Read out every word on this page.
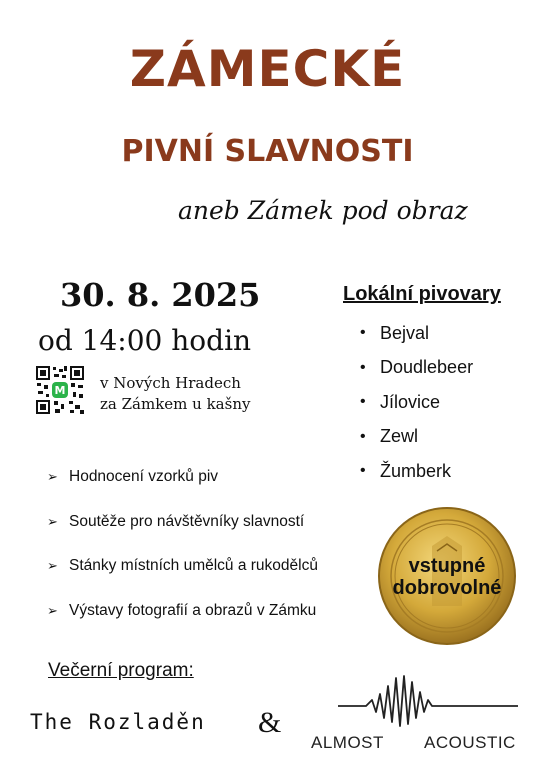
ZÁMECKÉ
PIVNÍ SLAVNOSTI
aneb Zámek pod obraz
30. 8. 2025
od 14:00 hodin
M v Nových Hradech
za Zámkem u kašny
Lokální pivovary
• Bejval
• Doudlebeer
• Jílovice
• Zewl
• Žumberk
➢ Hodnocení vzorků piv
➢ Soutěže pro návštěvníky slavností
➢ Stánky místních umělců a rukodělců
➢ Výstavy fotografií a obrazů v Zámku
vstupné
dobrovolné
Večerní program:
The Rozladěn &
ALMOST ACOUSTIC
